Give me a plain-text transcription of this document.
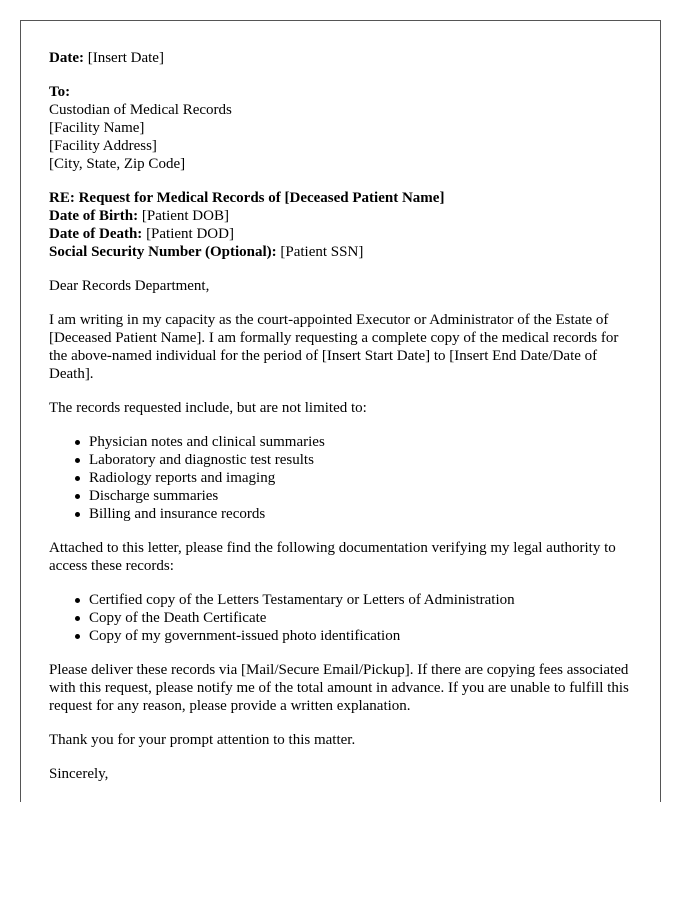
Date: [Insert Date]
To:
Custodian of Medical Records
[Facility Name]
[Facility Address]
[City, State, Zip Code]
RE: Request for Medical Records of [Deceased Patient Name]
Date of Birth: [Patient DOB]
Date of Death: [Patient DOD]
Social Security Number (Optional): [Patient SSN]

Dear Records Department,

I am writing in my capacity as the court-appointed Executor or Administrator of the Estate of [Deceased Patient Name]. I am formally requesting a complete copy of the medical records for the above-named individual for the period of [Insert Start Date] to [Insert End Date/Date of Death].

The records requested include, but are not limited to:

Physician notes and clinical summaries
Laboratory and diagnostic test results
Radiology reports and imaging
Discharge summaries
Billing and insurance records

Attached to this letter, please find the following documentation verifying my legal authority to access these records:

Certified copy of the Letters Testamentary or Letters of Administration
Copy of the Death Certificate
Copy of my government-issued photo identification

Please deliver these records via [Mail/Secure Email/Pickup]. If there are copying fees associated with this request, please notify me of the total amount in advance. If you are unable to fulfill this request for any reason, please provide a written explanation.

Thank you for your prompt attention to this matter.

Sincerely,
